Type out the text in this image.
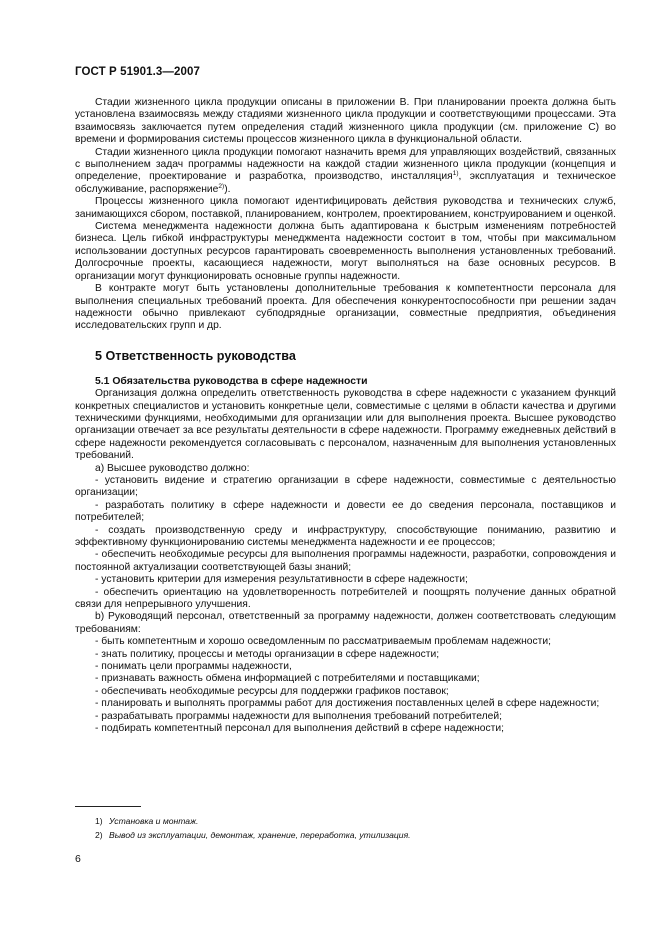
ГОСТ Р 51901.3—2007

Стадии жизненного цикла продукции описаны в приложении В. При планировании проекта должна быть установлена взаимосвязь между стадиями жизненного цикла продукции и соответствующими процессами. Эта взаимосвязь заключается путем определения стадий жизненного цикла продукции (см. приложение С) во времени и формирования системы процессов жизненного цикла в функциональной области.

Стадии жизненного цикла продукции помогают назначить время для управляющих воздействий, связанных с выполнением задач программы надежности на каждой стадии жизненного цикла продукции (концепция и определение, проектирование и разработка, производство, инсталляция$^{1)}$, эксплуатация и техническое обслуживание, распоряжение$^{2)}$).

Процессы жизненного цикла помогают идентифицировать действия руководства и технических служб, занимающихся сбором, поставкой, планированием, контролем, проектированием, конструированием и оценкой.

Система менеджмента надежности должна быть адаптирована к быстрым изменениям потребностей бизнеса. Цель гибкой инфраструктуры менеджмента надежности состоит в том, чтобы при максимальном использовании доступных ресурсов гарантировать своевременность выполнения установленных требований. Долгосрочные проекты, касающиеся надежности, могут выполняться на базе основных ресурсов. В организации могут функционировать основные группы надежности.

В контракте могут быть установлены дополнительные требования к компетентности персонала для выполнения специальных требований проекта. Для обеспечения конкурентоспособности при решении задач надежности обычно привлекают субподрядные организации, совместные предприятия, объединения исследовательских групп и др.

5 Ответственность руководства
5.1 Обязательства руководства в сфере надежности

Организация должна определить ответственность руководства в сфере надежности с указанием функций конкретных специалистов и установить конкретные цели, совместимые с целями в области качества и другими техническими функциями, необходимыми для организации или для выполнения проекта. Высшее руководство организации отвечает за все результаты деятельности в сфере надежности. Программу ежедневных действий в сфере надежности рекомендуется согласовывать с персоналом, назначенным для выполнения установленных требований.

а) Высшее руководство должно:

- установить видение и стратегию организации в сфере надежности, совместимые с деятельностью организации;

- разработать политику в сфере надежности и довести ее до сведения персонала, поставщиков и потребителей;

- создать производственную среду и инфраструктуру, способствующие пониманию, развитию и эффективному функционированию системы менеджмента надежности и ее процессов;

- обеспечить необходимые ресурсы для выполнения программы надежности, разработки, сопровождения и постоянной актуализации соответствующей базы знаний;

- установить критерии для измерения результативности в сфере надежности;

- обеспечить ориентацию на удовлетворенность потребителей и поощрять получение данных обратной связи для непрерывного улучшения.

b) Руководящий персонал, ответственный за программу надежности, должен соответствовать следующим требованиям:

- быть компетентным и хорошо осведомленным по рассматриваемым проблемам надежности;

- знать политику, процессы и методы организации в сфере надежности;

- понимать цели программы надежности,

- признавать важность обмена информацией с потребителями и поставщиками;

- обеспечивать необходимые ресурсы для поддержки графиков поставок;

- планировать и выполнять программы работ для достижения поставленных целей в сфере надежности;

- разрабатывать программы надежности для выполнения требований потребителей;

- подбирать компетентный персонал для выполнения действий в сфере надежности;

1) Установка и монтаж.
2) Вывод из эксплуатации, демонтаж, хранение, переработка, утилизация.
6
